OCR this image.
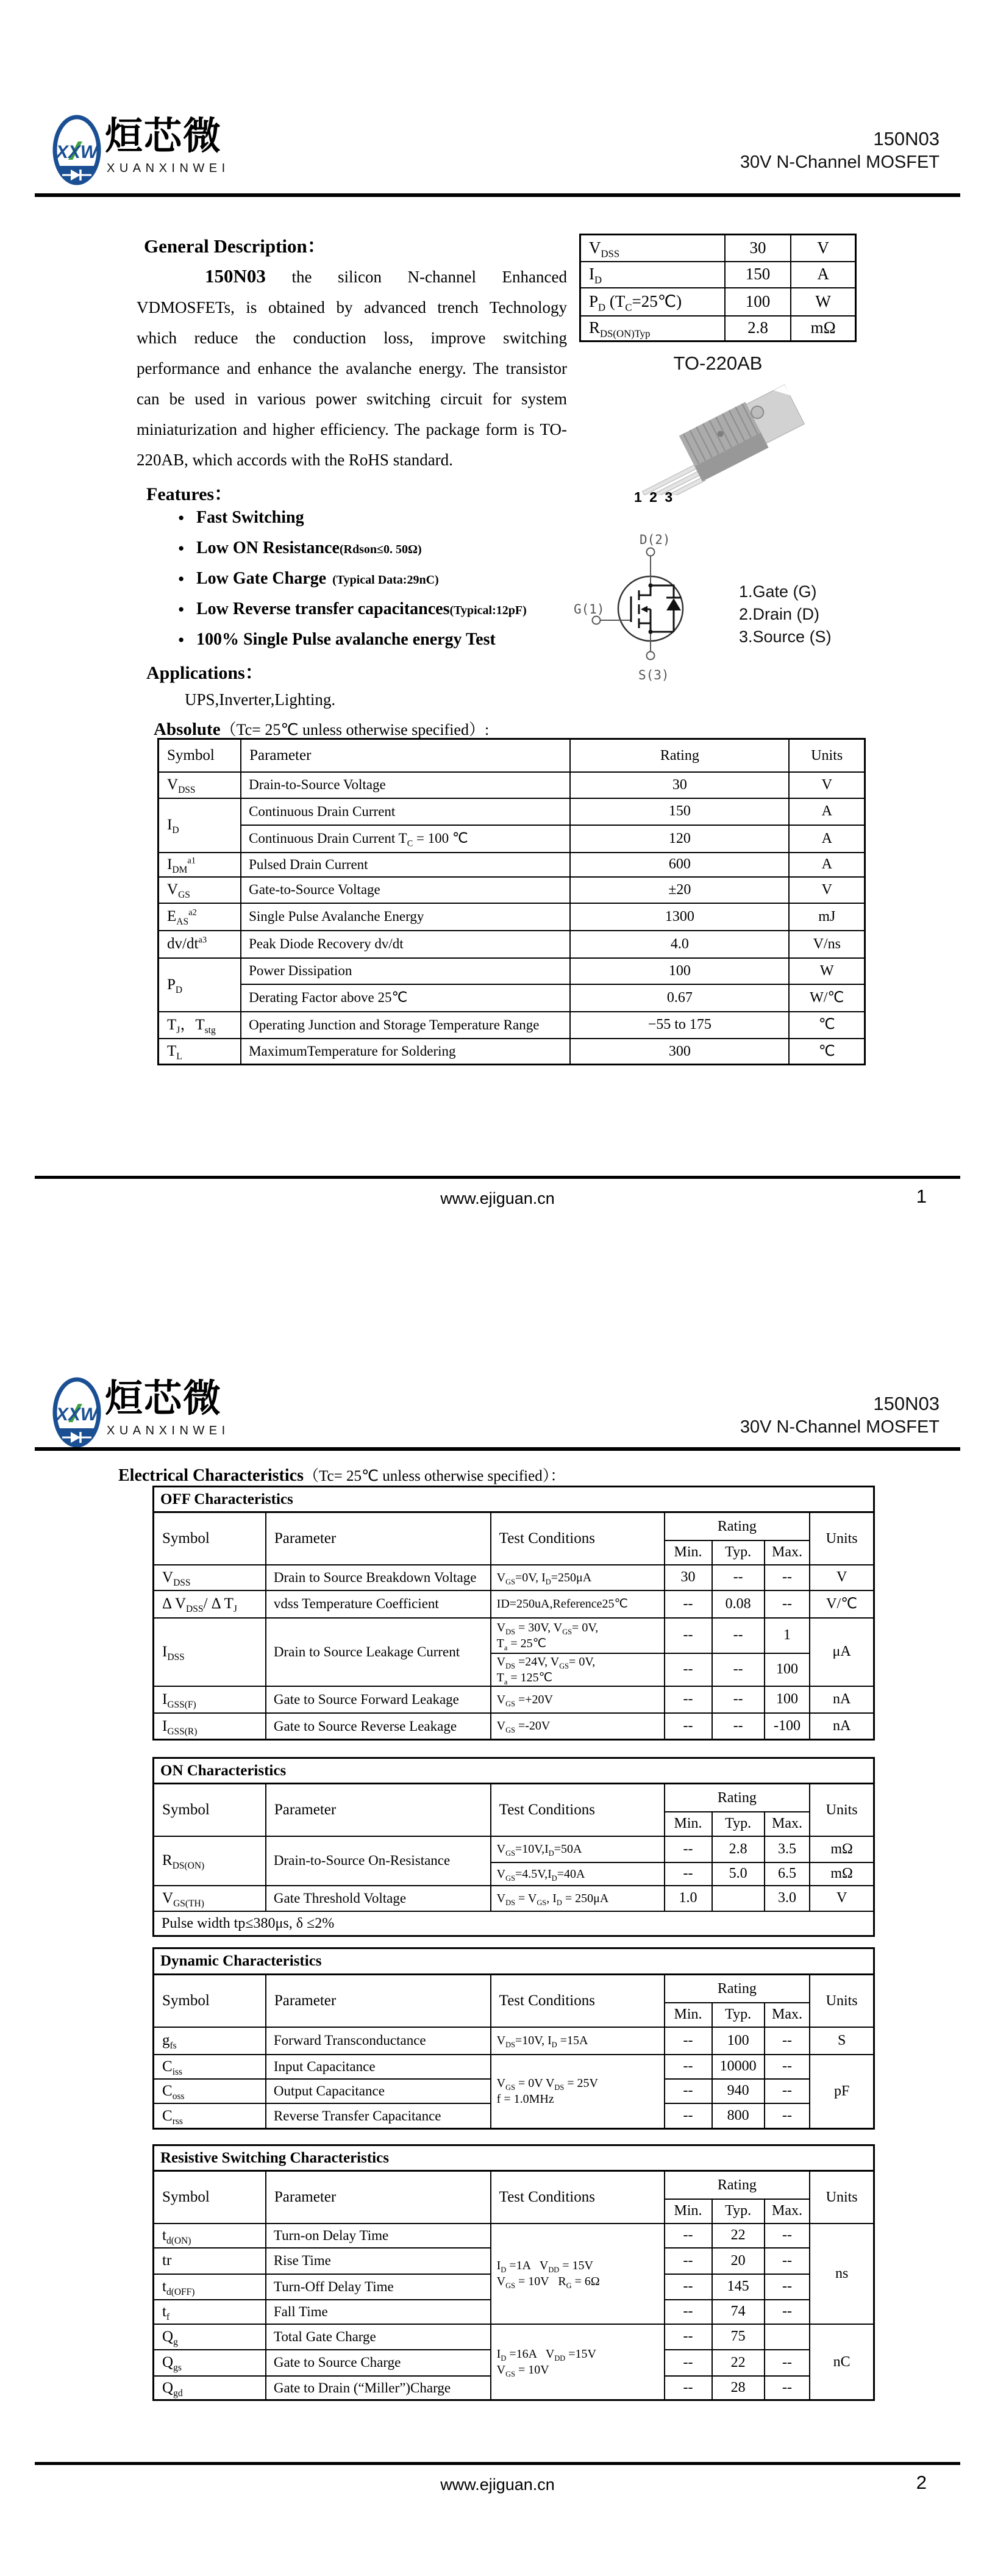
XXW 烜芯微
XUANXINWEI
150N03
30V N-Channel MOSFET
General Description：
150N03 the silicon N-channel Enhanced VDMOSFETs, is obtained by advanced trench Technology which reduce the conduction loss, improve switching performance and enhance the avalanche energy. The transistor can be used in various power switching circuit for system miniaturization and higher efficiency. The package form is TO-220AB, which accords with the RoHS standard.
$V_{DSS}$	30	V
$I_D$	150	A
$P_D$ $(T_C=25℃)$	100	W
$R_{DS(ON)Typ}$	2.8	mΩ
TO-220AB
1 2 3
Features：
● Fast Switching
● Low ON Resistance(Rdson≤0. 50Ω)
● Low Gate Charge  (Typical Data:29nC)
● Low Reverse transfer capacitances(Typical:12pF)
● 100% Single Pulse avalanche energy Test
Applications：
UPS,Inverter,Lighting.
D(2)
G(1)
S(3)
1.Gate (G)
2.Drain (D)
3.Source (S)
Absolute（Tc= 25℃ unless otherwise specified）:
Symbol	Parameter	Rating	Units
$V_{DSS}$	Drain-to-Source Voltage	30	V
$I_D$	Continuous Drain Current	150	A
	Continuous Drain Current $T_C = 100$ ℃	120	A
$I_{DM}^{a1}$	Pulsed Drain Current	600	A
$V_{GS}$	Gate-to-Source Voltage	±20	V
$E_{AS}^{a2}$	Single Pulse Avalanche Energy	1300	mJ
$dv/dt^{a3}$	Peak Diode Recovery dv/dt	4.0	V/ns
$P_D$	Power Dissipation	100	W
	Derating Factor above 25℃	0.67	W/℃
$T_J$，$T_{stg}$	Operating Junction and Storage Temperature Range	−55 to 175	℃
$T_L$	MaximumTemperature for Soldering	300	℃
www.ejiguan.cn	1
XXW 烜芯微
XUANXINWEI
150N03
30V N-Channel MOSFET
Electrical Characteristics（Tc= 25℃ unless otherwise specified）：
OFF Characteristics						
Symbol	Parameter	Test Conditions	Rating			Units
			Min.	Typ.	Max.	
$V_{DSS}$	Drain to Source Breakdown Voltage	$V_{GS}=0V$, $I_D=250\mu A$	30	--	--	V
Δ $V_{DSS}/$ Δ $T_J$	vdss Temperature Coefficient	ID=250uA,Reference25℃	--	0.08	--	V/℃
$I_{DSS}$	Drain to Source Leakage Current	$V_{DS} = 30V$, $V_{GS}= 0V$,
$T_a$ = 25℃	--	--	1	μA
		$V_{DS} =24V$, $V_{GS}= 0V$,
$T_a$ = 125℃	--	--	100	
$I_{GSS(F)}$	Gate to Source Forward Leakage	$V_{GS} =+20V$	--	--	100	nA
$I_{GSS(R)}$	Gate to Source Reverse Leakage	$V_{GS} =-20V$	--	--	-100	nA
ON Characteristics						
Symbol	Parameter	Test Conditions	Rating			Units
			Min.	Typ.	Max.	
$R_{DS(ON)}$	Drain-to-Source On-Resistance	$V_{GS}=10V,I_D=50A$	--	2.8	3.5	mΩ
		$V_{GS}=4.5V,I_D=40A$	--	5.0	6.5	mΩ
$V_{GS(TH)}$	Gate Threshold Voltage	$V_{DS} = V_{GS}$, $I_D = 250\mu A$	1.0		3.0	V
Pulse width tp≤380μs, δ ≤2%						
Dynamic Characteristics						
Symbol	Parameter	Test Conditions	Rating			Units
			Min.	Typ.	Max.	
$g_{fs}$	Forward Transconductance	$V_{DS}=10V$, $I_D =15A$	--	100	--	S
$C_{iss}$	Input Capacitance	$V_{GS} = 0V$ $V_{DS} = 25V$
f = 1.0MHz	--	10000	--	pF
$C_{oss}$	Output Capacitance		--	940	--	
$C_{rss}$	Reverse Transfer Capacitance		--	800	--	
Resistive Switching Characteristics						
Symbol	Parameter	Test Conditions	Rating			Units
			Min.	Typ.	Max.	
$t_{d(ON)}$	Turn-on Delay Time	$I_D =1A$   $V_{DD} = 15V$
$V_{GS} = 10V$   $R_G = 6\Omega$	--	22	--	ns
tr	Rise Time		--	20	--	
$t_{d(OFF)}$	Turn-Off Delay Time		--	145	--	
$t_f$	Fall Time		--	74	--	
$Q_g$	Total Gate Charge	$I_D =16A$   $V_{DD} =15V$
$V_{GS} = 10V$	--	75		nC
$Q_{gs}$	Gate to Source Charge		--	22	--	
$Q_{gd}$	Gate to Drain (“Miller”)Charge		--	28	--	
www.ejiguan.cn	2
